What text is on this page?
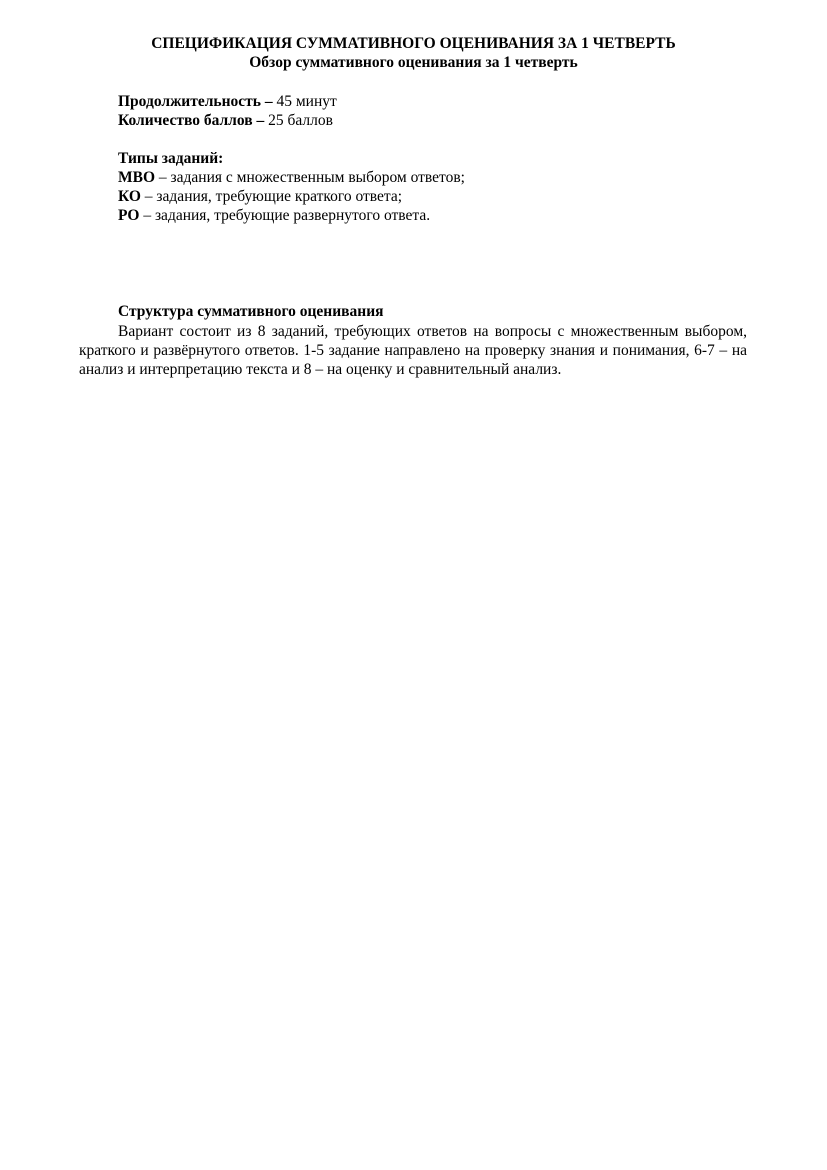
СПЕЦИФИКАЦИЯ СУММАТИВНОГО ОЦЕНИВАНИЯ ЗА 1 ЧЕТВЕРТЬ
Обзор суммативного оценивания за 1 четверть
Продолжительность – 45 минут
Количество баллов – 25 баллов
Типы заданий:
МВО – задания с множественным выбором ответов;
КО – задания, требующие краткого ответа;
РО – задания, требующие развернутого ответа.
Структура суммативного оценивания
Вариант состоит из 8 заданий, требующих ответов на вопросы с множественным выбором, краткого и развёрнутого ответов. 1-5 задание направлено на проверку знания и понимания, 6-7 – на анализ и интерпретацию текста и 8 – на оценку и сравнительный анализ.
